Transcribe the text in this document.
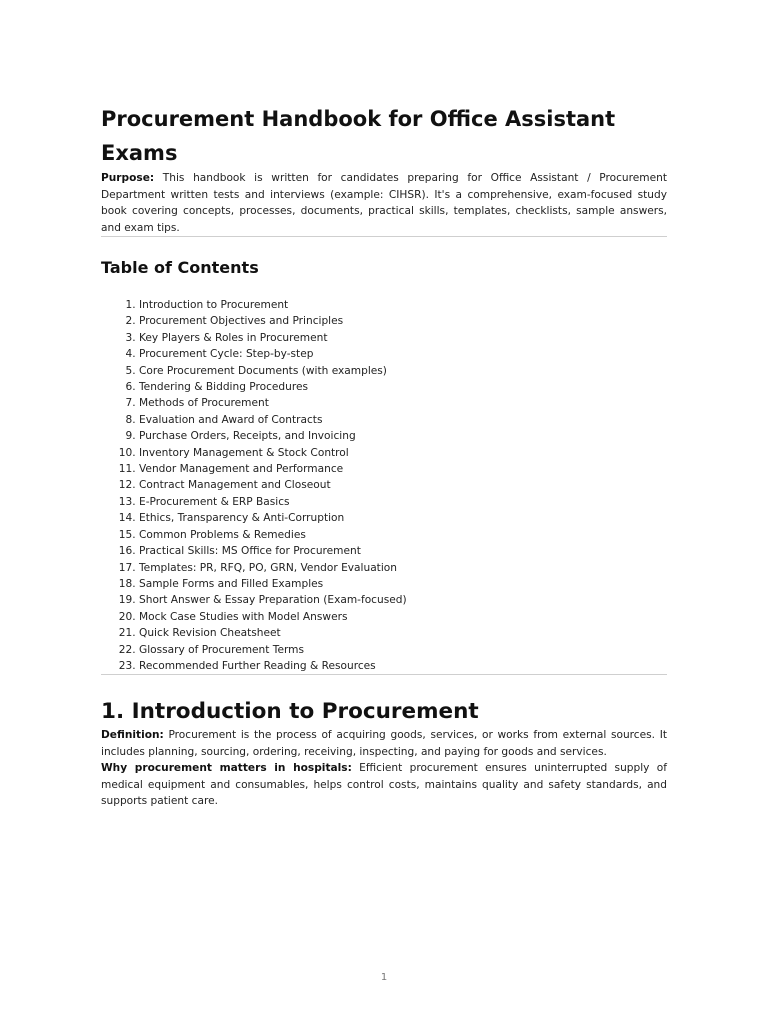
Procurement Handbook for Office Assistant Exams

Purpose: This handbook is written for candidates preparing for Office Assistant / Procurement Department written tests and interviews (example: CIHSR). It's a comprehensive, exam-focused study book covering concepts, processes, documents, practical skills, templates, checklists, sample answers, and exam tips.

Table of Contents
1. Introduction to Procurement
2. Procurement Objectives and Principles
3. Key Players & Roles in Procurement
4. Procurement Cycle: Step-by-step
5. Core Procurement Documents (with examples)
6. Tendering & Bidding Procedures
7. Methods of Procurement
8. Evaluation and Award of Contracts
9. Purchase Orders, Receipts, and Invoicing
10. Inventory Management & Stock Control
11. Vendor Management and Performance
12. Contract Management and Closeout
13. E-Procurement & ERP Basics
14. Ethics, Transparency & Anti-Corruption
15. Common Problems & Remedies
16. Practical Skills: MS Office for Procurement
17. Templates: PR, RFQ, PO, GRN, Vendor Evaluation
18. Sample Forms and Filled Examples
19. Short Answer & Essay Preparation (Exam-focused)
20. Mock Case Studies with Model Answers
21. Quick Revision Cheatsheet
22. Glossary of Procurement Terms
23. Recommended Further Reading & Resources
1. Introduction to Procurement

Definition: Procurement is the process of acquiring goods, services, or works from external sources. It includes planning, sourcing, ordering, receiving, inspecting, and paying for goods and services.

Why procurement matters in hospitals: Efficient procurement ensures uninterrupted supply of medical equipment and consumables, helps control costs, maintains quality and safety standards, and supports patient care.

1
